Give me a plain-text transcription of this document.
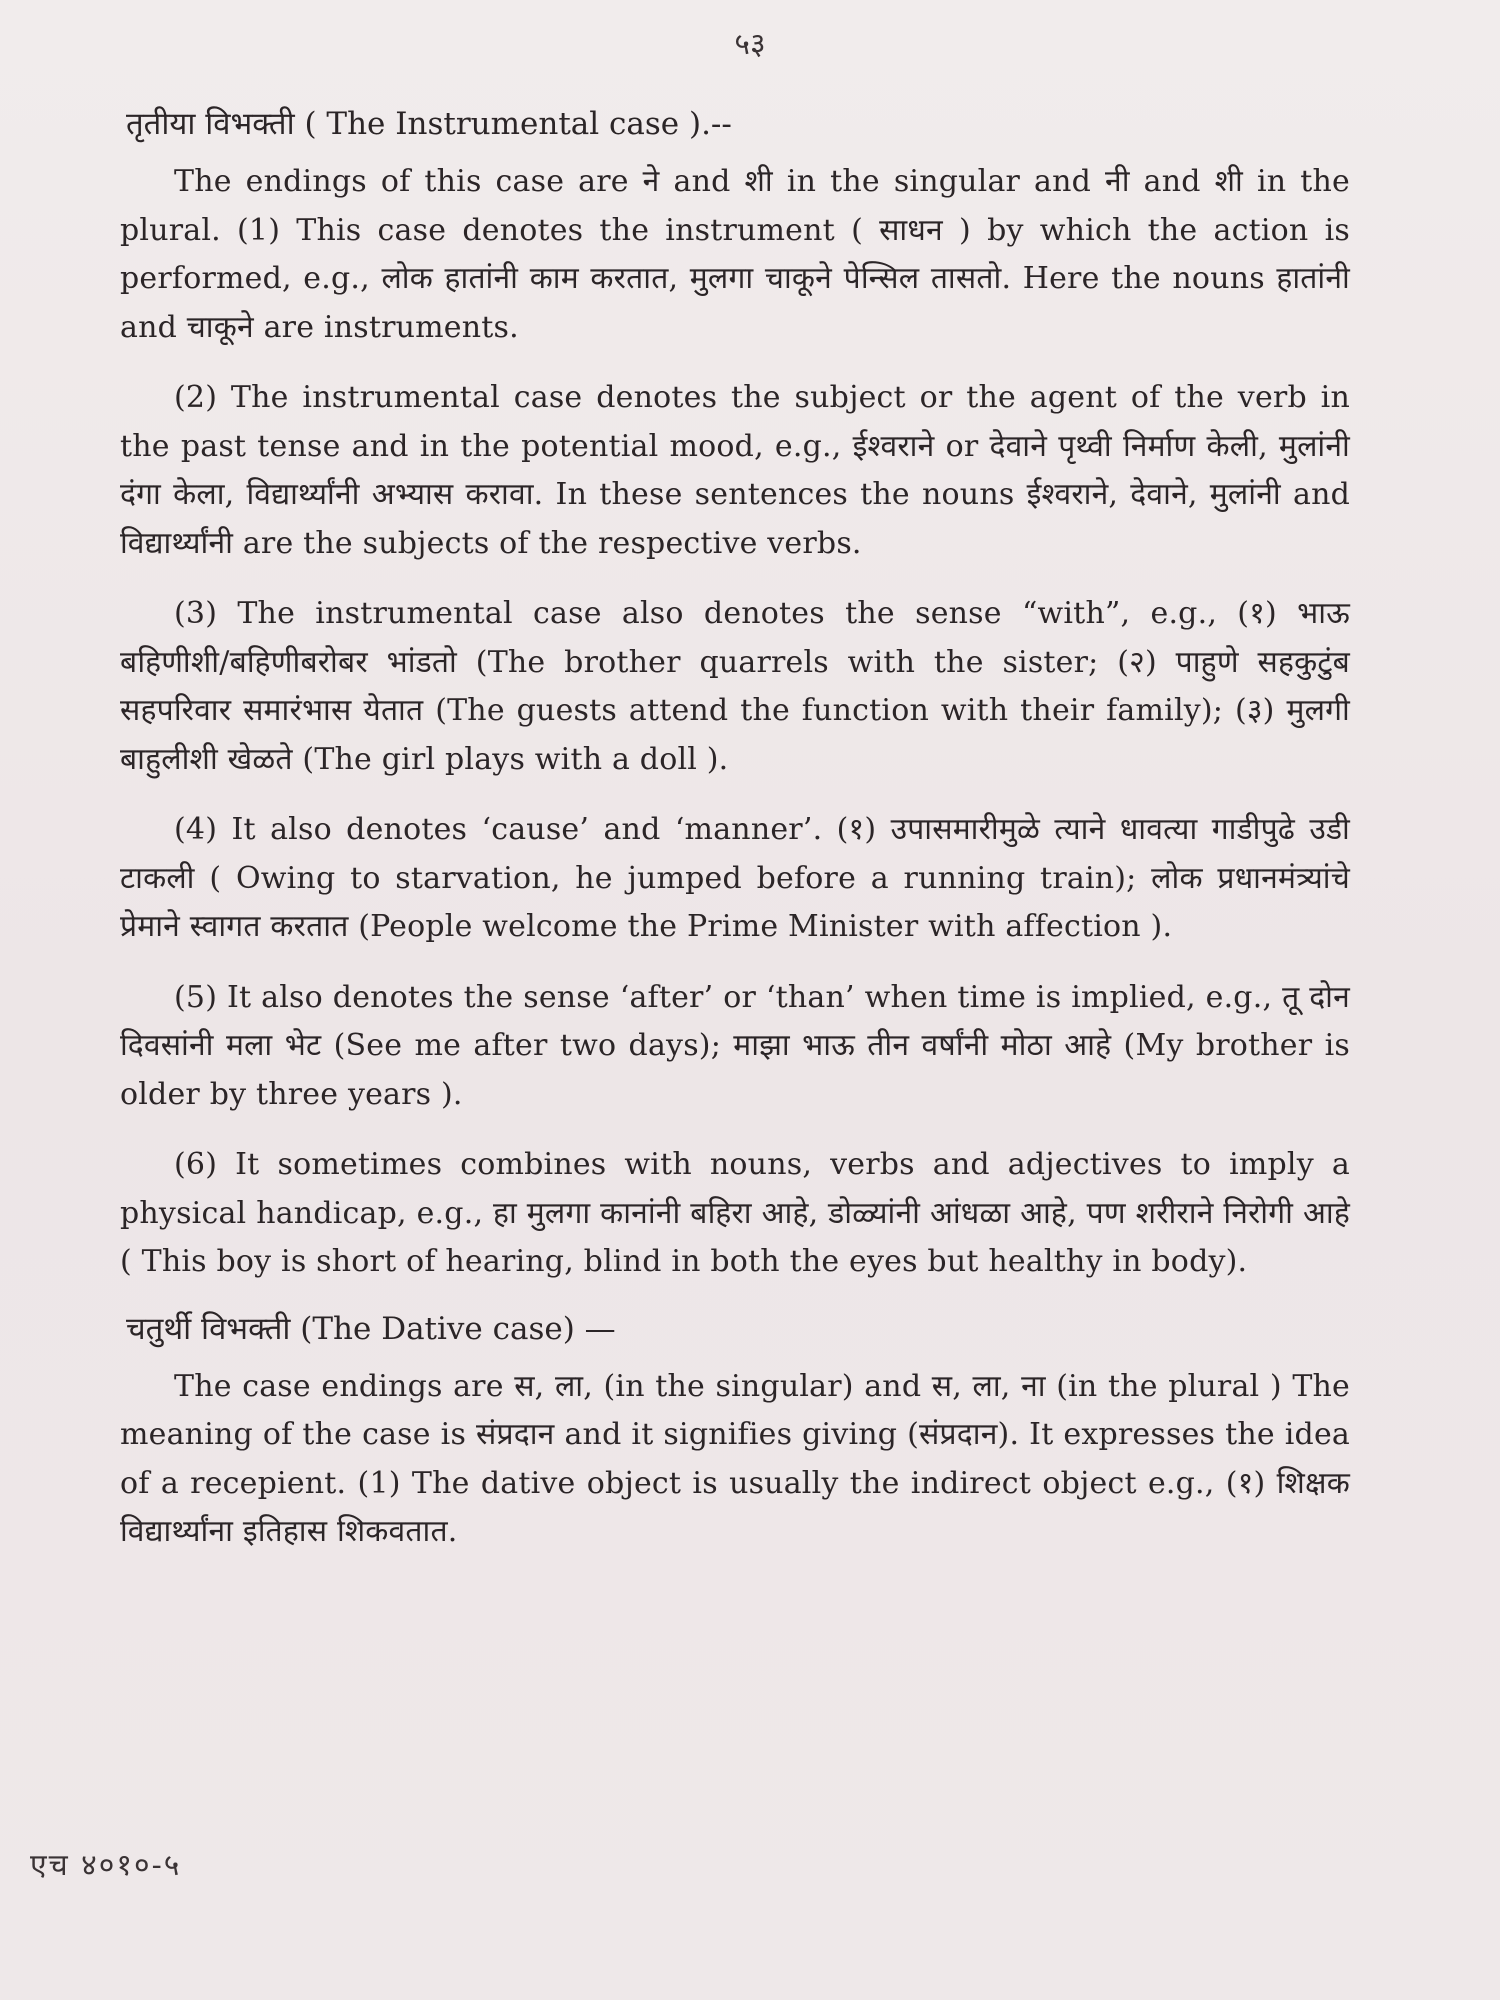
५३
तृतीया विभक्ती ( The Instrumental case ).--

The endings of this case are ने and शी in the singular and नी and शी in the plural. (1) This case denotes the instrument ( साधन ) by which the action is performed, e.g., लोक हातांनी काम करतात, मुलगा चाकूने पेन्सिल तासतो. Here the nouns हातांनी and चाकूने are instruments.

(2) The instrumental case denotes the subject or the agent of the verb in the past tense and in the potential mood, e.g., ईश्वराने or देवाने पृथ्वी निर्माण केली, मुलांनी दंगा केला, विद्यार्थ्यांनी अभ्यास करावा. In these sentences the nouns ईश्वराने, देवाने, मुलांनी and विद्यार्थ्यांनी are the subjects of the respective verbs.

(3) The instrumental case also denotes the sense “with”, e.g., (१) भाऊ बहिणीशी/बहिणीबरोबर भांडतो (The brother quarrels with the sister; (२) पाहुणे सहकुटुंब सहपरिवार समारंभास येतात (The guests attend the function with their family); (३) मुलगी बाहुलीशी खेळते (The girl plays with a doll ).

(4) It also denotes ‘cause’ and ‘manner’. (१) उपासमारीमुळे त्याने धावत्या गाडीपुढे उडी टाकली ( Owing to starvation, he jumped before a running train); लोक प्रधानमंत्र्यांचे प्रेमाने स्वागत करतात (People welcome the Prime Minister with affection ).

(5) It also denotes the sense ‘after’ or ‘than’ when time is implied, e.g., तू दोन दिवसांनी मला भेट (See me after two days); माझा भाऊ तीन वर्षांनी मोठा आहे (My brother is older by three years ).

(6) It sometimes combines with nouns, verbs and adjectives to imply a physical handicap, e.g., हा मुलगा कानांनी बहिरा आहे, डोळ्यांनी आंधळा आहे, पण शरीराने निरोगी आहे ( This boy is short of hearing, blind in both the eyes but healthy in body).

चतुर्थी विभक्ती (The Dative case) —

The case endings are स, ला, (in the singular) and स, ला, ना (in the plural ) The meaning of the case is संप्रदान and it signifies giving (संप्रदान). It expresses the idea of a recepient. (1) The dative object is usually the indirect object e.g., (१) शिक्षक विद्यार्थ्यांना इतिहास शिकवतात.

एच ४०१०-५
